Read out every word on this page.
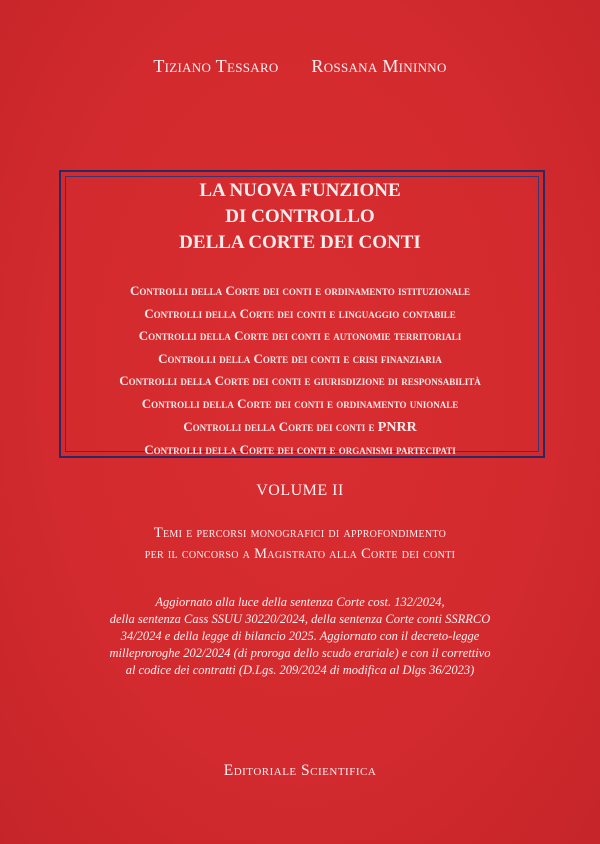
Tiziano Tessaro Rossana Mininno
LA NUOVA FUNZIONE
DI CONTROLLO
DELLA CORTE DEI CONTI
Controlli della Corte dei conti e ordinamento istituzionale
Controlli della Corte dei conti e linguaggio contabile
Controlli della Corte dei conti e autonomie territoriali
Controlli della Corte dei conti e crisi finanziaria
Controlli della Corte dei conti e giurisdizione di responsabilità
Controlli della Corte dei conti e ordinamento unionale
Controlli della Corte dei conti e PNRR
Controlli della Corte dei conti e organismi partecipati
VOLUME II
Temi e percorsi monografici di approfondimento
per il concorso a Magistrato alla Corte dei conti
Aggiornato alla luce della sentenza Corte cost. 132/2024,
della sentenza Cass SSUU 30220/2024, della sentenza Corte conti SSRRCO
34/2024 e della legge di bilancio 2025. Aggiornato con il decreto-legge
milleproroghe 202/2024 (di proroga dello scudo erariale) e con il correttivo
al codice dei contratti (D.Lgs. 209/2024 di modifica al Dlgs 36/2023)
Editoriale Scientifica
